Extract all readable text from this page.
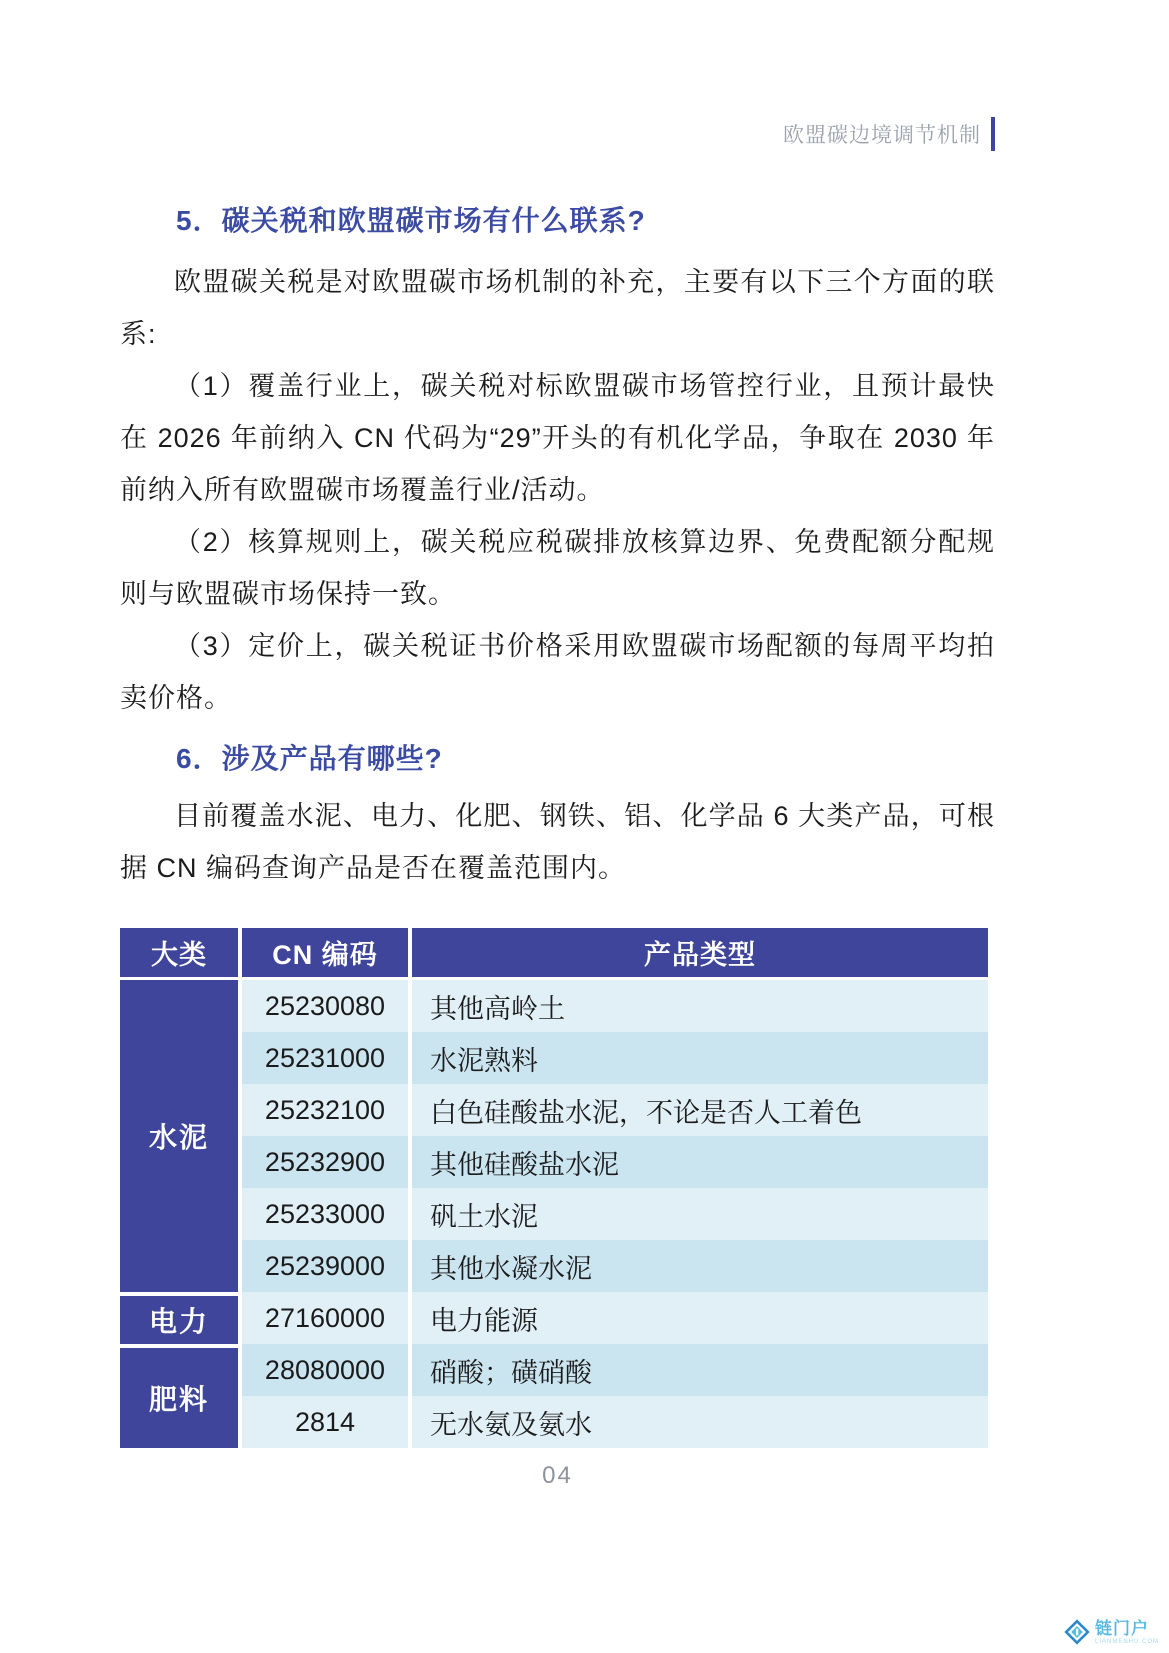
欧盟碳边境调节机制
5．碳关税和欧盟碳市场有什么联系?

欧盟碳关税是对欧盟碳市场机制的补充，主要有以下三个方面的联系:

（1）覆盖行业上，碳关税对标欧盟碳市场管控行业，且预计最快在 2026 年前纳入 CN 代码为“29”开头的有机化学品，争取在 2030 年前纳入所有欧盟碳市场覆盖行业/活动。

（2）核算规则上，碳关税应税碳排放核算边界、免费配额分配规则与欧盟碳市场保持一致。

（3）定价上，碳关税证书价格采用欧盟碳市场配额的每周平均拍卖价格。

6．涉及产品有哪些?

目前覆盖水泥、电力、化肥、钢铁、铝、化学品 6 大类产品，可根据 CN 编码查询产品是否在覆盖范围内。

大类	CN 编码	产品类型
水泥	25230080	其他高岭土
	25231000	水泥熟料
	25232100	白色硅酸盐水泥，不论是否人工着色
	25232900	其他硅酸盐水泥
	25233000	矾土水泥
	25239000	其他水凝水泥
电力	27160000	电力能源
肥料	28080000	硝酸；磺硝酸
	2814	无水氨及氨水
04
链门户
LIANMENHU.COM
